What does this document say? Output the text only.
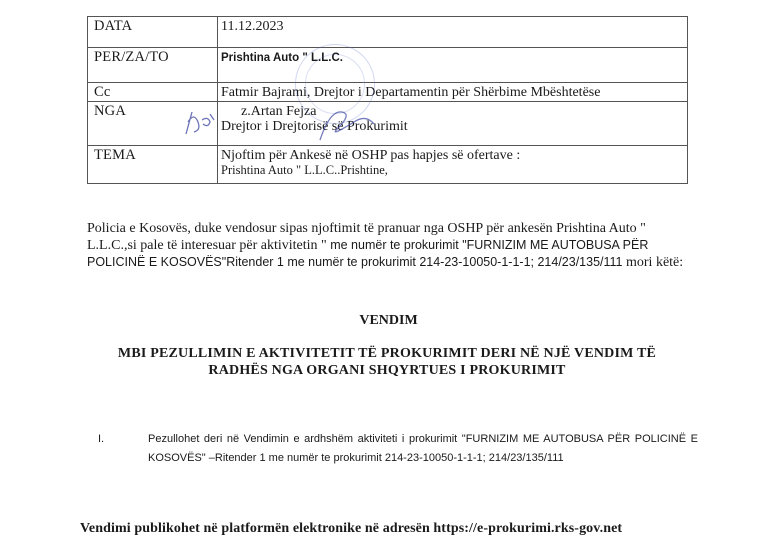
DATA	11.12.2023
PER/ZA/TO	Prishtina Auto " L.L.C.
Cc	Fatmir Bajrami, Drejtor i Departamentin për Shërbime Mbështetëse
NGA	z.Artan Fejza
Drejtor i Drejtorisë së Prokurimit

TEMA	Njoftim për Ankesë në OSHP pas hapjes së ofertave :
Prishtina Auto " L.L.C..Prishtine,
Policia e Kosovës, duke vendosur sipas njoftimit të pranuar nga OSHP për ankesën Prishtina Auto " L.L.C.,si pale të interesuar për aktivitetin " me numër te prokurimit "FURNIZIM ME AUTOBUSA PËR POLICINË E KOSOVËS"Ritender 1 me numër te prokurimit 214-23-10050-1-1-1; 214/23/135/111 mori këtë:
VENDIM
MBI PEZULLIMIN E AKTIVITETIT TË PROKURIMIT DERI NË NJË VENDIM TË RADHËS NGA ORGANI SHQYRTUES I PROKURIMIT
I.	Pezullohet deri në Vendimin e ardhshëm aktiviteti i prokurimit "FURNIZIM ME AUTOBUSA PËR POLICINË E KOSOVËS" –Ritender 1 me numër te prokurimit 214-23-10050-1-1-1; 214/23/135/111
Vendimi publikohet në platformën elektronike në adresën https://e-prokurimi.rks-gov.net
